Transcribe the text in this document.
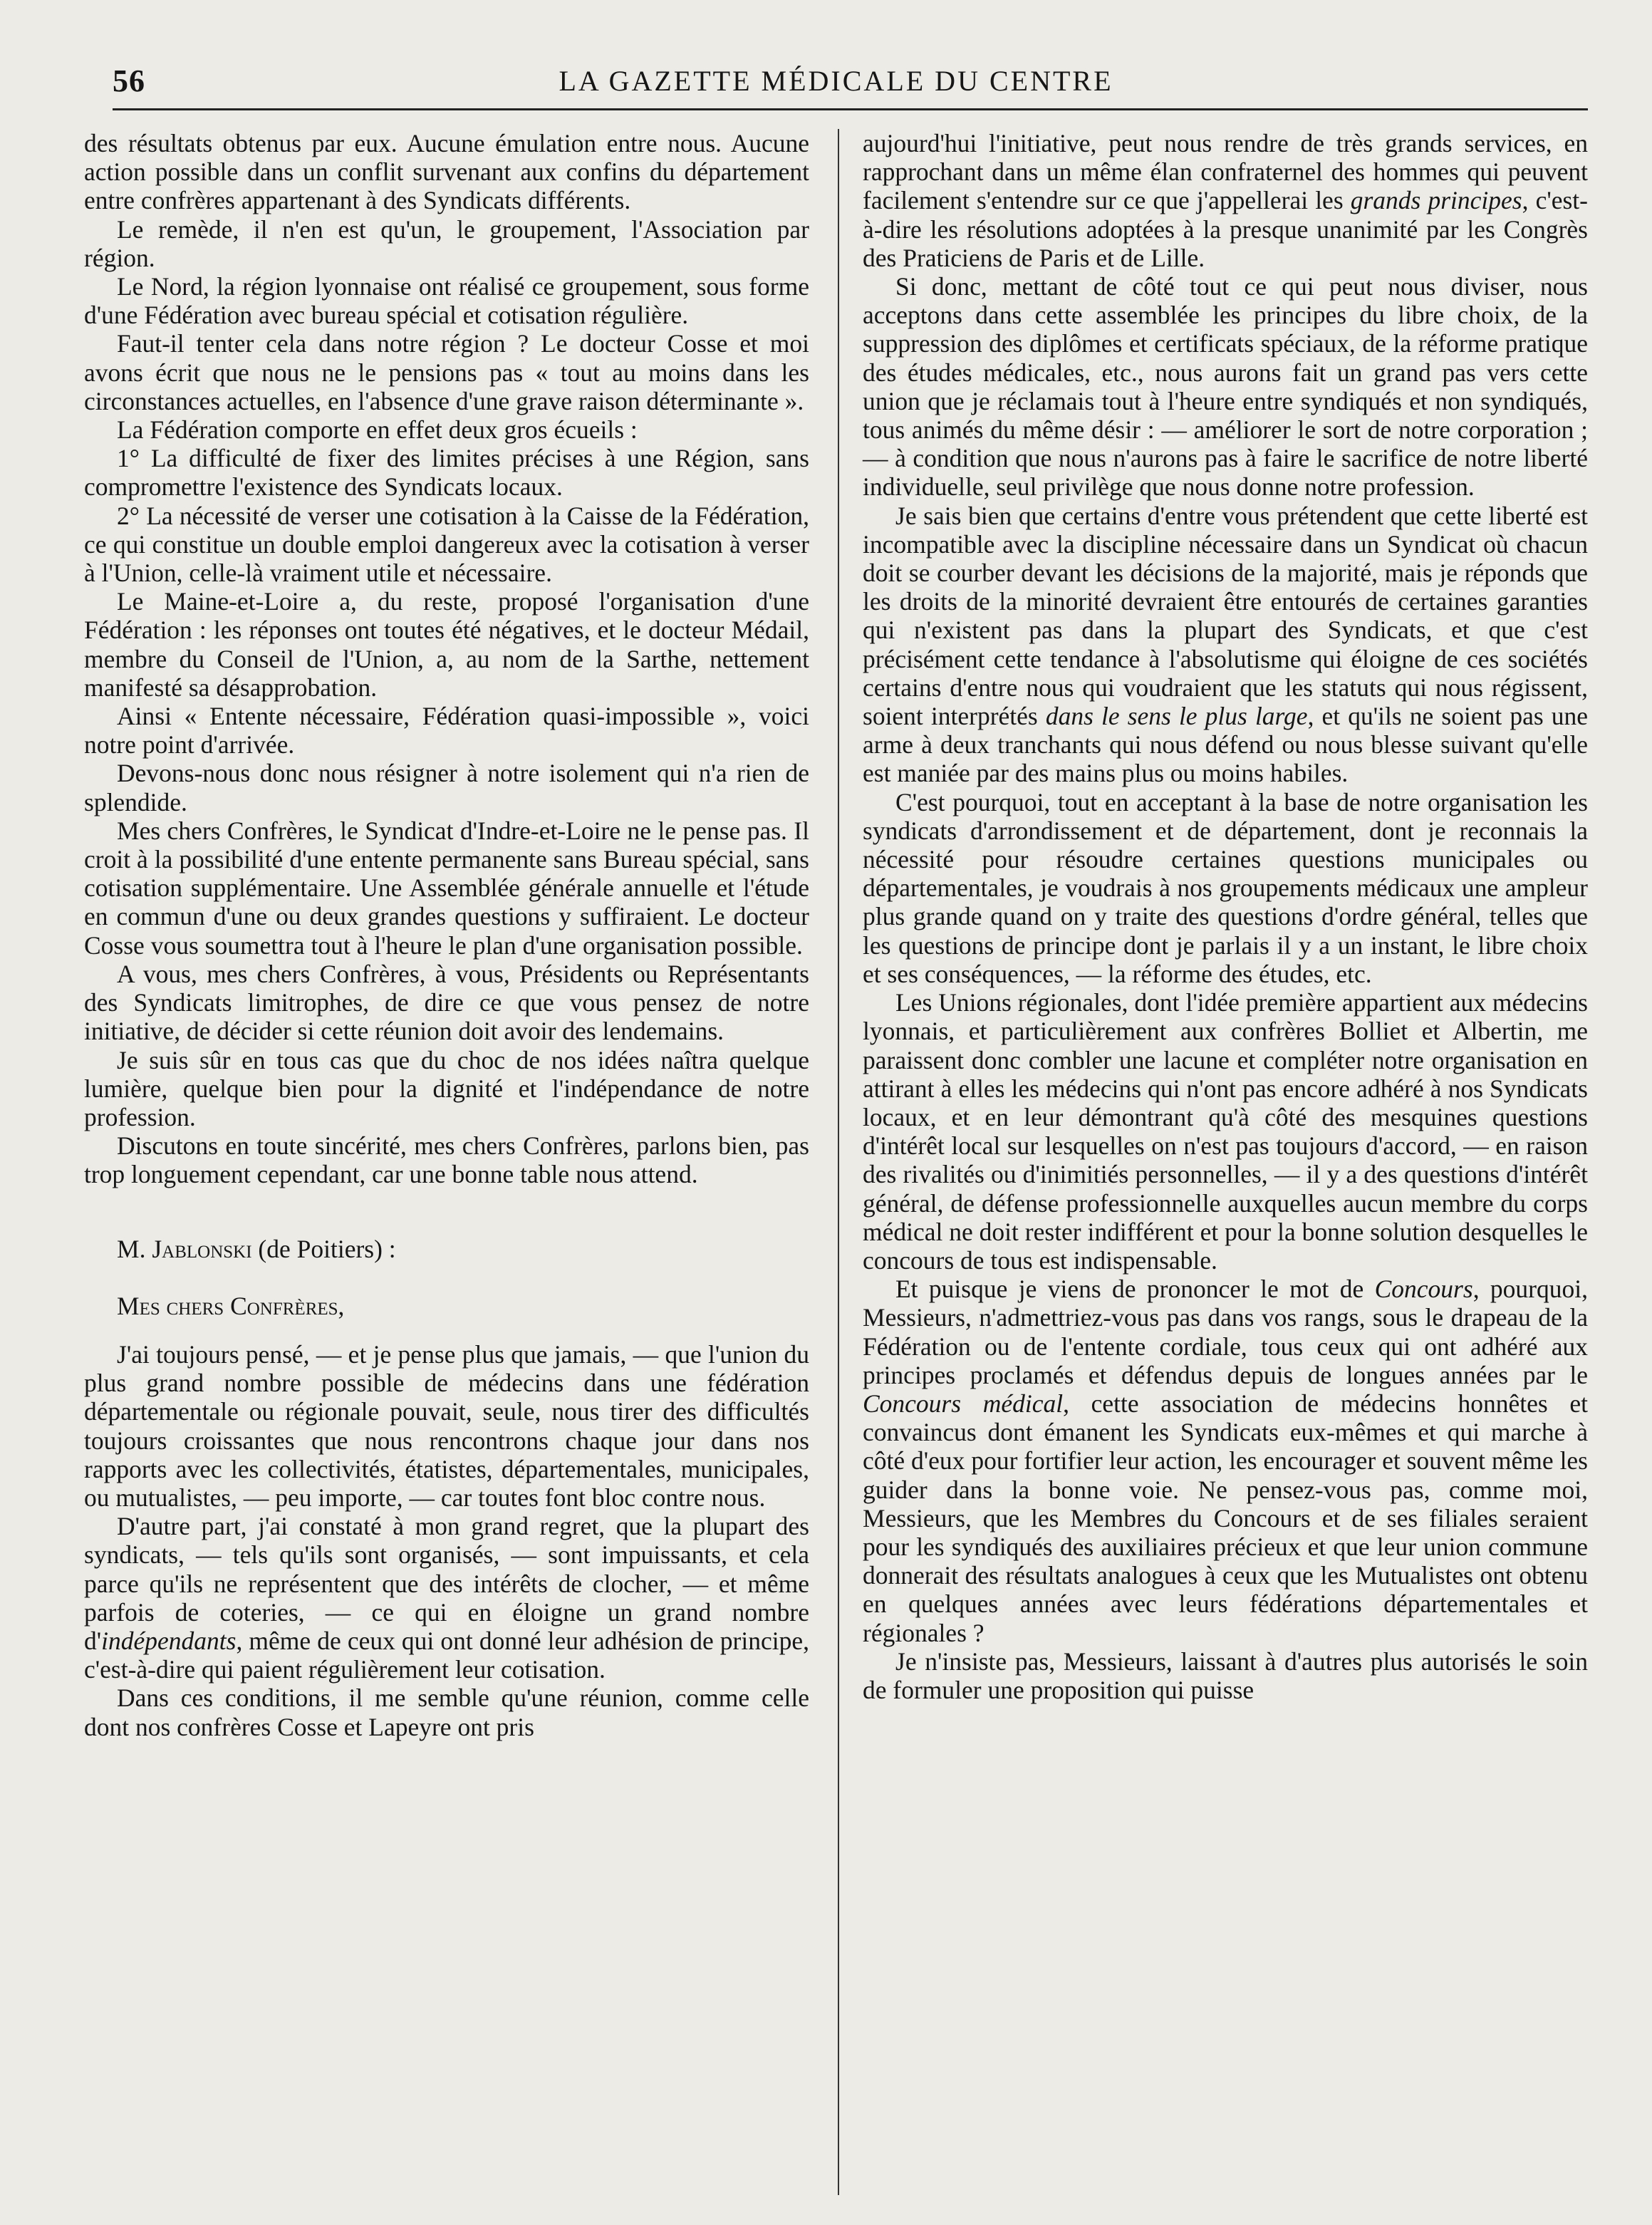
56	LA GAZETTE MÉDICALE DU CENTRE

des résultats obtenus par eux. Aucune émulation entre nous. Aucune action possible dans un conflit survenant aux confins du département entre confrères appartenant à des Syndicats différents.

Le remède, il n'en est qu'un, le groupement, l'Association par région.

Le Nord, la région lyonnaise ont réalisé ce groupement, sous forme d'une Fédération avec bureau spécial et cotisation régulière.

Faut-il tenter cela dans notre région ? Le docteur Cosse et moi avons écrit que nous ne le pensions pas « tout au moins dans les circonstances actuelles, en l'absence d'une grave raison déterminante ».

La Fédération comporte en effet deux gros écueils :

1° La difficulté de fixer des limites précises à une Région, sans compromettre l'existence des Syndicats locaux.

2° La nécessité de verser une cotisation à la Caisse de la Fédération, ce qui constitue un double emploi dangereux avec la cotisation à verser à l'Union, celle-là vraiment utile et nécessaire.

Le Maine-et-Loire a, du reste, proposé l'organisation d'une Fédération : les réponses ont toutes été négatives, et le docteur Médail, membre du Conseil de l'Union, a, au nom de la Sarthe, nettement manifesté sa désapprobation.

Ainsi « Entente nécessaire, Fédération quasi-impossible », voici notre point d'arrivée.

Devons-nous donc nous résigner à notre isolement qui n'a rien de splendide.

Mes chers Confrères, le Syndicat d'Indre-et-Loire ne le pense pas. Il croit à la possibilité d'une entente permanente sans Bureau spécial, sans cotisation supplémentaire. Une Assemblée générale annuelle et l'étude en commun d'une ou deux grandes questions y suffiraient. Le docteur Cosse vous soumettra tout à l'heure le plan d'une organisation possible.

A vous, mes chers Confrères, à vous, Présidents ou Représentants des Syndicats limitrophes, de dire ce que vous pensez de notre initiative, de décider si cette réunion doit avoir des lendemains.

Je suis sûr en tous cas que du choc de nos idées naîtra quelque lumière, quelque bien pour la dignité et l'indépendance de notre profession.

Discutons en toute sincérité, mes chers Confrères, parlons bien, pas trop longuement cependant, car une bonne table nous attend.

M. Jablonski (de Poitiers) :

Mes chers Confrères,

J'ai toujours pensé, — et je pense plus que jamais, — que l'union du plus grand nombre possible de médecins dans une fédération départementale ou régionale pouvait, seule, nous tirer des difficultés toujours croissantes que nous rencontrons chaque jour dans nos rapports avec les collectivités, étatistes, départementales, municipales, ou mutualistes, — peu importe, — car toutes font bloc contre nous.

D'autre part, j'ai constaté à mon grand regret, que la plupart des syndicats, — tels qu'ils sont organisés, — sont impuissants, et cela parce qu'ils ne représentent que des intérêts de clocher, — et même parfois de coteries, — ce qui en éloigne un grand nombre d'indépendants, même de ceux qui ont donné leur adhésion de principe, c'est-à-dire qui paient régulièrement leur cotisation.

Dans ces conditions, il me semble qu'une réunion, comme celle dont nos confrères Cosse et Lapeyre ont pris

aujourd'hui l'initiative, peut nous rendre de très grands services, en rapprochant dans un même élan confraternel des hommes qui peuvent facilement s'entendre sur ce que j'appellerai les grands principes, c'est-à-dire les résolutions adoptées à la presque unanimité par les Congrès des Praticiens de Paris et de Lille.

Si donc, mettant de côté tout ce qui peut nous diviser, nous acceptons dans cette assemblée les principes du libre choix, de la suppression des diplômes et certificats spéciaux, de la réforme pratique des études médicales, etc., nous aurons fait un grand pas vers cette union que je réclamais tout à l'heure entre syndiqués et non syndiqués, tous animés du même désir : — améliorer le sort de notre corporation ; — à condition que nous n'aurons pas à faire le sacrifice de notre liberté individuelle, seul privilège que nous donne notre profession.

Je sais bien que certains d'entre vous prétendent que cette liberté est incompatible avec la discipline nécessaire dans un Syndicat où chacun doit se courber devant les décisions de la majorité, mais je réponds que les droits de la minorité devraient être entourés de certaines garanties qui n'existent pas dans la plupart des Syndicats, et que c'est précisément cette tendance à l'absolutisme qui éloigne de ces sociétés certains d'entre nous qui voudraient que les statuts qui nous régissent, soient interprétés dans le sens le plus large, et qu'ils ne soient pas une arme à deux tranchants qui nous défend ou nous blesse suivant qu'elle est maniée par des mains plus ou moins habiles.

C'est pourquoi, tout en acceptant à la base de notre organisation les syndicats d'arrondissement et de département, dont je reconnais la nécessité pour résoudre certaines questions municipales ou départementales, je voudrais à nos groupements médicaux une ampleur plus grande quand on y traite des questions d'ordre général, telles que les questions de principe dont je parlais il y a un instant, le libre choix et ses conséquences, — la réforme des études, etc.

Les Unions régionales, dont l'idée première appartient aux médecins lyonnais, et particulièrement aux confrères Bolliet et Albertin, me paraissent donc combler une lacune et compléter notre organisation en attirant à elles les médecins qui n'ont pas encore adhéré à nos Syndicats locaux, et en leur démontrant qu'à côté des mesquines questions d'intérêt local sur lesquelles on n'est pas toujours d'accord, — en raison des rivalités ou d'inimitiés personnelles, — il y a des questions d'intérêt général, de défense professionnelle auxquelles aucun membre du corps médical ne doit rester indifférent et pour la bonne solution desquelles le concours de tous est indispensable.

Et puisque je viens de prononcer le mot de Concours, pourquoi, Messieurs, n'admettriez-vous pas dans vos rangs, sous le drapeau de la Fédération ou de l'entente cordiale, tous ceux qui ont adhéré aux principes proclamés et défendus depuis de longues années par le Concours médical, cette association de médecins honnêtes et convaincus dont émanent les Syndicats eux-mêmes et qui marche à côté d'eux pour fortifier leur action, les encourager et souvent même les guider dans la bonne voie. Ne pensez-vous pas, comme moi, Messieurs, que les Membres du Concours et de ses filiales seraient pour les syndiqués des auxiliaires précieux et que leur union commune donnerait des résultats analogues à ceux que les Mutualistes ont obtenu en quelques années avec leurs fédérations départementales et régionales ?

Je n'insiste pas, Messieurs, laissant à d'autres plus autorisés le soin de formuler une proposition qui puisse
